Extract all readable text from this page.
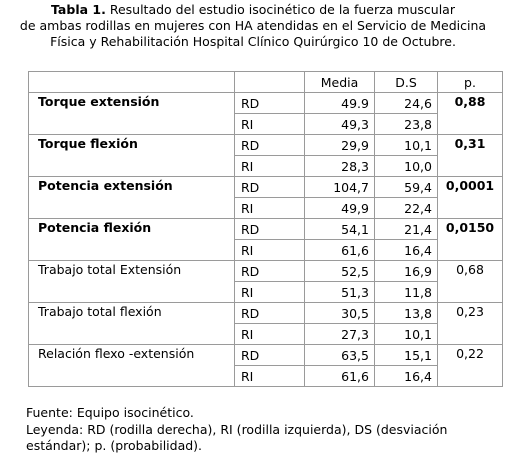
Tabla 1. Resultado del estudio isocinético de la fuerza muscular
de ambas rodillas en mujeres con HA atendidas en el Servicio de Medicina
Física y Rehabilitación Hospital Clínico Quirúrgico 10 de Octubre.
		Media	D.S	p.
Torque extensión	RD	49.9	24,6	0,88
	RI	49,3	23,8	
Torque flexión	RD	29,9	10,1	0,31
	RI	28,3	10,0	
Potencia extensión	RD	104,7	59,4	0,0001
	RI	49,9	22,4	
Potencia flexión	RD	54,1	21,4	0,0150
	RI	61,6	16,4	
Trabajo total Extensión	RD	52,5	16,9	0,68
	RI	51,3	11,8	
Trabajo total flexión	RD	30,5	13,8	0,23
	RI	27,3	10,1	
Relación flexo -extensión	RD	63,5	15,1	0,22
	RI	61,6	16,4	
Fuente: Equipo isocinético.
Leyenda: RD (rodilla derecha), RI (rodilla izquierda), DS (desviación
estándar); p. (probabilidad).
